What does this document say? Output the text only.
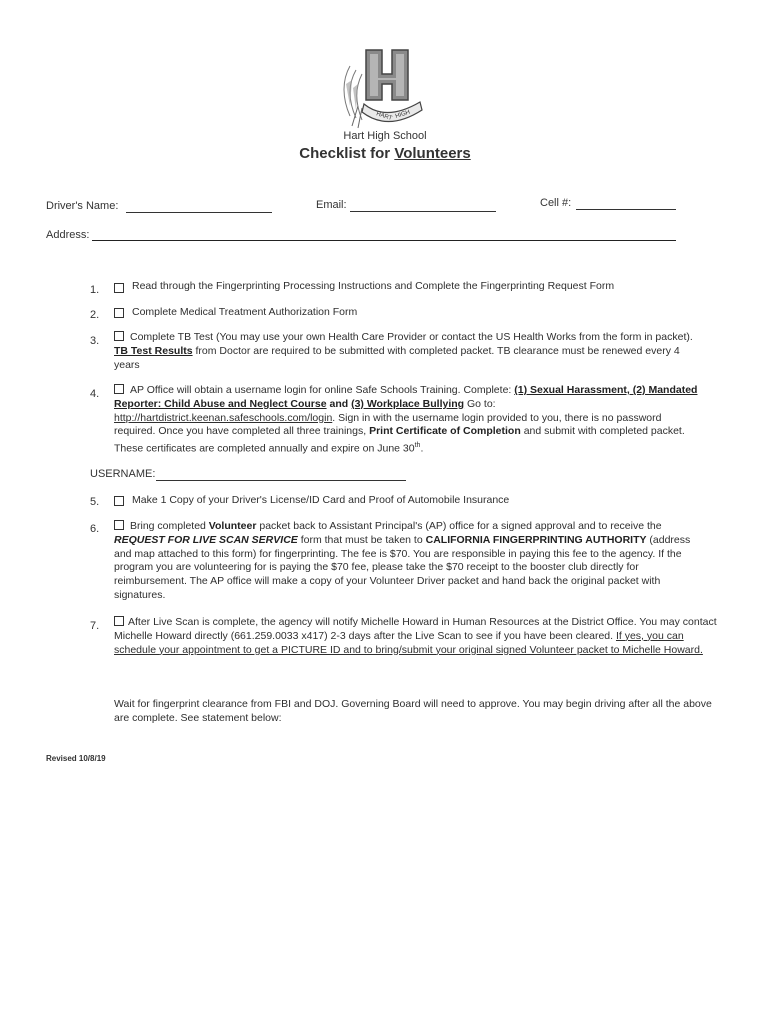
HART HIGH
Hart High School
Checklist for Volunteers
Driver's Name:	Email:	Cell #:
Address:
1.	Read through the Fingerprinting Processing Instructions and Complete the Fingerprinting Request Form
2.	Complete Medical Treatment Authorization Form
3.	Complete TB Test (You may use your own Health Care Provider or contact the US Health Works from the form in packet). TB Test Results from Doctor are required to be submitted with completed packet. TB clearance must be renewed every 4 years
4.	AP Office will obtain a username login for online Safe Schools Training. Complete: (1) Sexual Harassment, (2) Mandated Reporter: Child Abuse and Neglect Course and (3) Workplace Bullying Go to: http://hartdistrict.keenan.safeschools.com/login. Sign in with the username login provided to you, there is no password required. Once you have completed all three trainings, Print Certificate of Completion and submit with completed packet. These certificates are completed annually and expire on June 30th.
USERNAME:
5.	Make 1 Copy of your Driver's License/ID Card and Proof of Automobile Insurance
6.	Bring completed Volunteer packet back to Assistant Principal's (AP) office for a signed approval and to receive the REQUEST FOR LIVE SCAN SERVICE form that must be taken to CALIFORNIA FINGERPRINTING AUTHORITY (address and map attached to this form) for fingerprinting. The fee is $70. You are responsible in paying this fee to the agency. If the program you are volunteering for is paying the $70 fee, please take the $70 receipt to the booster club directly for reimbursement. The AP office will make a copy of your Volunteer Driver packet and hand back the original packet with signatures.
7.	After Live Scan is complete, the agency will notify Michelle Howard in Human Resources at the District Office. You may contact Michelle Howard directly (661.259.0033 x417) 2-3 days after the Live Scan to see if you have been cleared. If yes, you can schedule your appointment to get a PICTURE ID and to bring/submit your original signed Volunteer packet to Michelle Howard.
Wait for fingerprint clearance from FBI and DOJ. Governing Board will need to approve. You may begin driving after all the above are complete. See statement below:
Revised 10/8/19
